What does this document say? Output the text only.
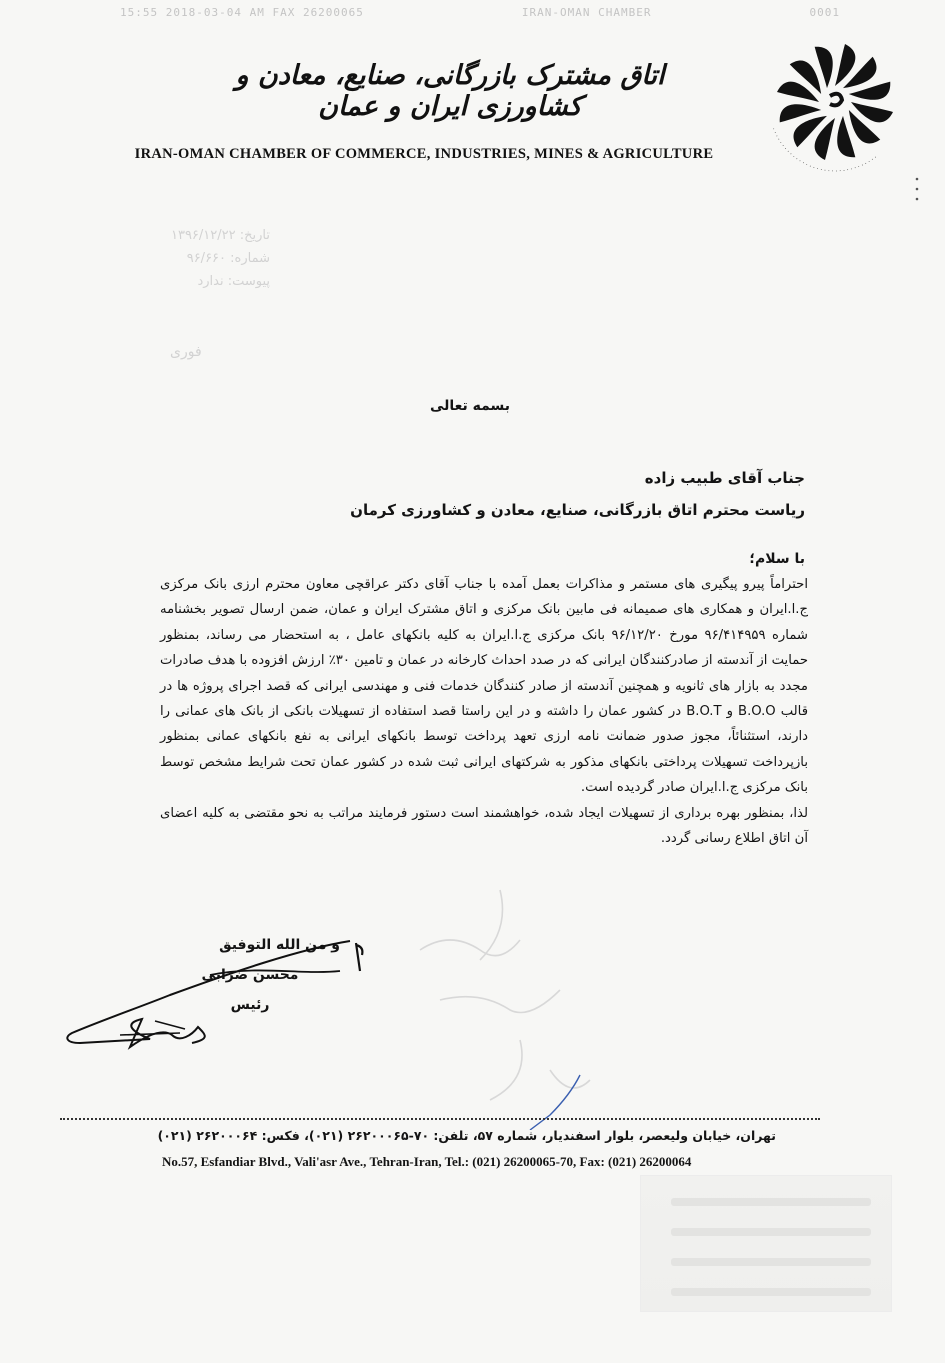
15:55 2018-03-04 AM FAX 26200065	IRAN-OMAN CHAMBER	0001
. . . . . . . . . . . . . . . . . . . . . . . . . . . . . . . . .
اتاق مشترک بازرگانی، صنایع، معادن و کشاورزی ایران و عمان
IRAN-OMAN CHAMBER OF COMMERCE, INDUSTRIES, MINES & AGRICULTURE
تاریخ: ۱۳۹۶/۱۲/۲۲
شماره: ۹۶/۶۶۰
پیوست: ندارد
فوری
بسمه تعالی
جناب آقای طبیب زاده
ریاست محترم اتاق بازرگانی، صنایع، معادن و کشاورزی کرمان
با سلام؛

احتراماً پیرو پیگیری های مستمر و مذاکرات بعمل آمده با جناب آقای دکتر عراقچی معاون محترم ارزی بانک مرکزی ج.ا.ایران و همکاری های صمیمانه فی مابین بانک مرکزی و اتاق مشترک ایران و عمان، ضمن ارسال تصویر بخشنامه شماره ۹۶/۴۱۴۹۵۹ مورخ ۹۶/۱۲/۲۰ بانک مرکزی ج.ا.ایران به کلیه بانکهای عامل ، به استحضار می رساند، بمنظور حمایت از آندسته از صادرکنندگان ایرانی که در صدد احداث کارخانه در عمان و تامین ۳۰٪ ارزش افزوده با هدف صادرات مجدد به بازار های ثانویه و همچنین آندسته از صادر کنندگان خدمات فنی و مهندسی ایرانی که قصد اجرای پروژه ها در قالب B.O.O و B.O.T در کشور عمان را داشته و در این راستا قصد استفاده از تسهیلات بانکی از بانک های عمانی را دارند، استثنائاً، مجوز صدور ضمانت نامه ارزی تعهد پرداخت توسط بانکهای ایرانی به نفع بانکهای عمانی بمنظور بازپرداخت تسهیلات پرداختی بانکهای مذکور به شرکتهای ایرانی ثبت شده در کشور عمان تحت شرایط مشخص توسط بانک مرکزی ج.ا.ایران صادر گردیده است.

لذا، بمنظور بهره برداری از تسهیلات ایجاد شده، خواهشمند است دستور فرمایند مراتب به نحو مقتضی به کلیه اعضای آن اتاق اطلاع رسانی گردد.

و من الله التوفیق
محسن ضرابی
رئیس
تهران، خیابان ولیعصر، بلوار اسفندیار، شماره ۵۷، تلفن: ۷۰-۲۶۲۰۰۰۶۵ (۰۲۱)، فکس: ۲۶۲۰۰۰۶۴ (۰۲۱)
No.57, Esfandiar Blvd., Vali'asr Ave., Tehran-Iran, Tel.: (021) 26200065-70, Fax: (021) 26200064
